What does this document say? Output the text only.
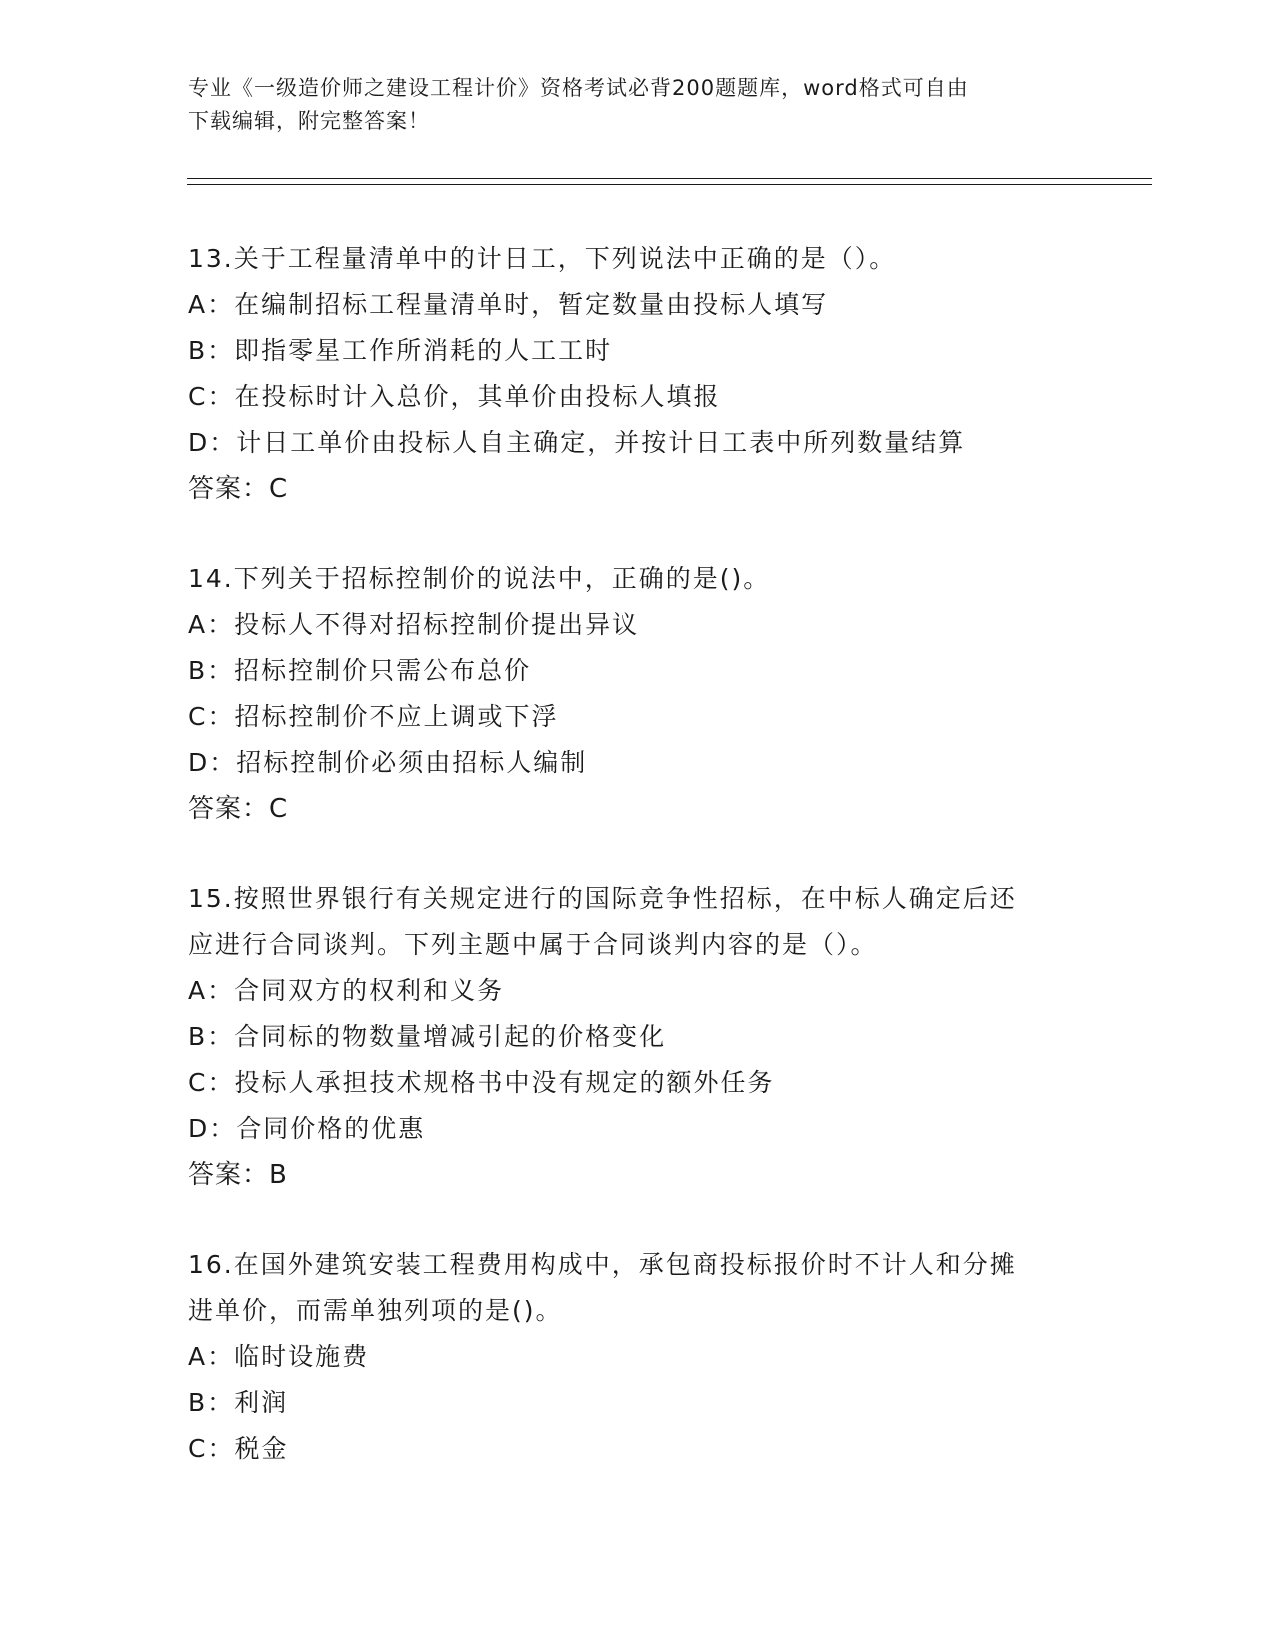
专业《一级造价师之建设工程计价》资格考试必背200题题库，word格式可自由
下载编辑，附完整答案！
13.关于工程量清单中的计日工，下列说法中正确的是（）。
A：在编制招标工程量清单时，暂定数量由投标人填写
B：即指零星工作所消耗的人工工时
C：在投标时计入总价，其单价由投标人填报
D：计日工单价由投标人自主确定，并按计日工表中所列数量结算
答案：C
14.下列关于招标控制价的说法中，正确的是()。
A：投标人不得对招标控制价提出异议
B：招标控制价只需公布总价
C：招标控制价不应上调或下浮
D：招标控制价必须由招标人编制
答案：C
15.按照世界银行有关规定进行的国际竞争性招标，在中标人确定后还
应进行合同谈判。下列主题中属于合同谈判内容的是（）。
A：合同双方的权利和义务
B：合同标的物数量增减引起的价格变化
C：投标人承担技术规格书中没有规定的额外任务
D：合同价格的优惠
答案：B
16.在国外建筑安装工程费用构成中，承包商投标报价时不计人和分摊
进单价，而需单独列项的是()。
A：临时设施费
B：利润
C：税金
